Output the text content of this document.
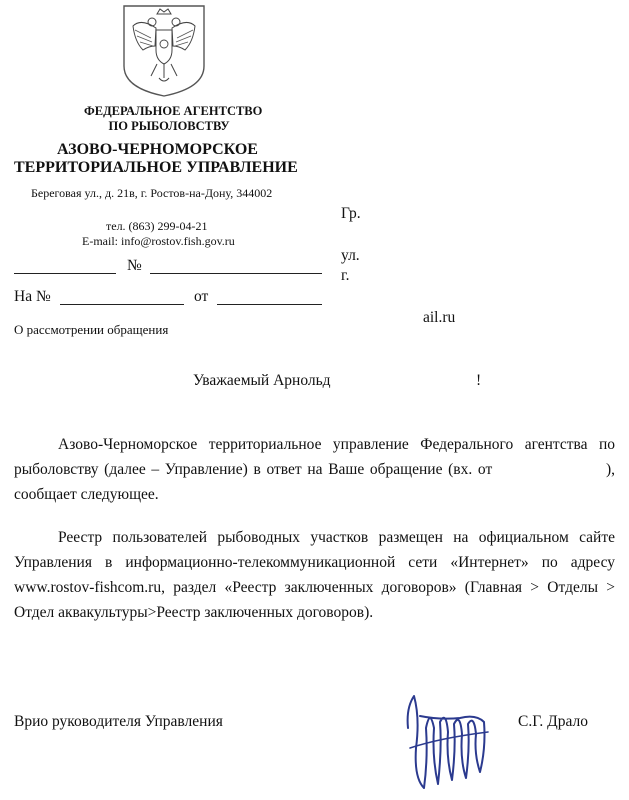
ФЕДЕРАЛЬНОЕ АГЕНТСТВО
ПО РЫБОЛОВСТВУ
АЗОВО-ЧЕРНОМОРСКОЕ
ТЕРРИТОРИАЛЬНОЕ УПРАВЛЕНИЕ
Береговая ул., д. 21в, г. Ростов-на-Дону, 344002
тел. (863) 299-04-21
E-mail: info@rostov.fish.gov.ru
№
На №	от
Гр.
ул.
г.
ail.ru
О рассмотрении обращения
Уважаемый Арнольд	!
Азово-Черноморское территориальное управление Федерального агентства по рыболовству (далее – Управление) в ответ на Ваше обращение (вх. от                    ), сообщает следующее.
Реестр пользователей рыбоводных участков размещен на официальном сайте Управления в информационно-телекоммуникационной сети «Интернет» по адресу www.rostov-fishcom.ru, раздел «Реестр заключенных договоров» (Главная > Отделы > Отдел аквакультуры>Реестр заключенных договоров).
Врио руководителя Управления	С.Г. Драло
